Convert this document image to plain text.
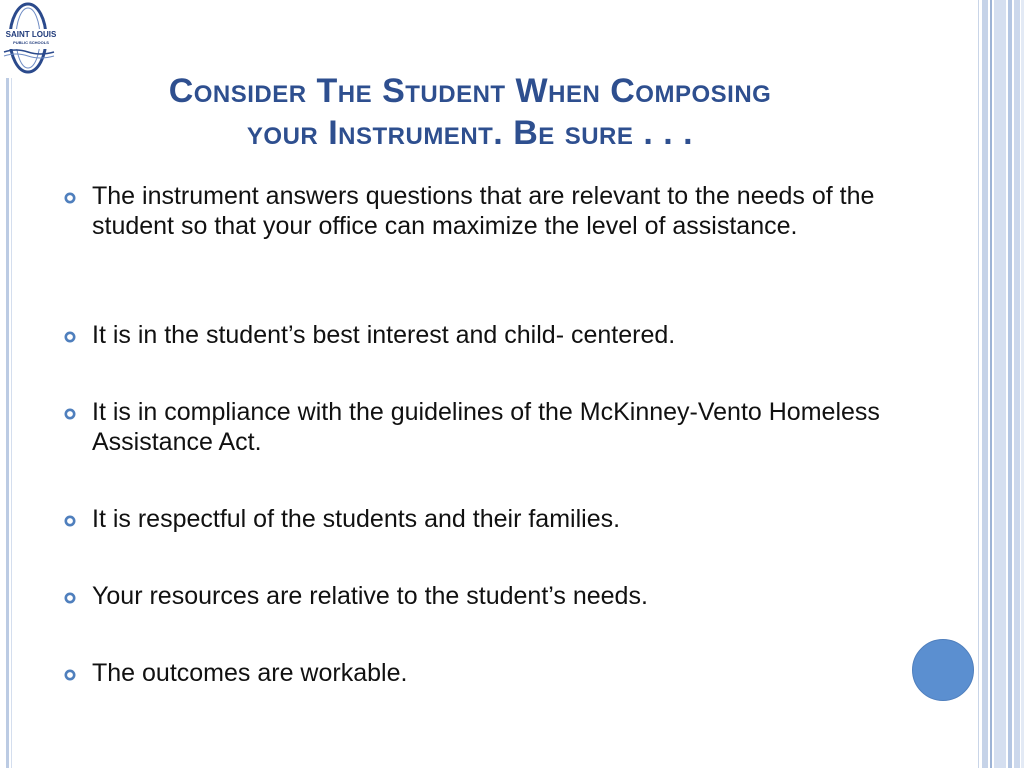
SAINT LOUIS
PUBLIC SCHOOLS
Consider The Student When Composing
your Instrument. Be sure . . .
The instrument answers questions that are relevant to the needs of the student so that your office can maximize the level of assistance.
It is in the student’s best interest and child- centered.
It is in compliance with the guidelines of the McKinney-Vento Homeless Assistance Act.
It is respectful of the students and their families.
Your resources are relative to the student’s needs.
The outcomes are workable.
